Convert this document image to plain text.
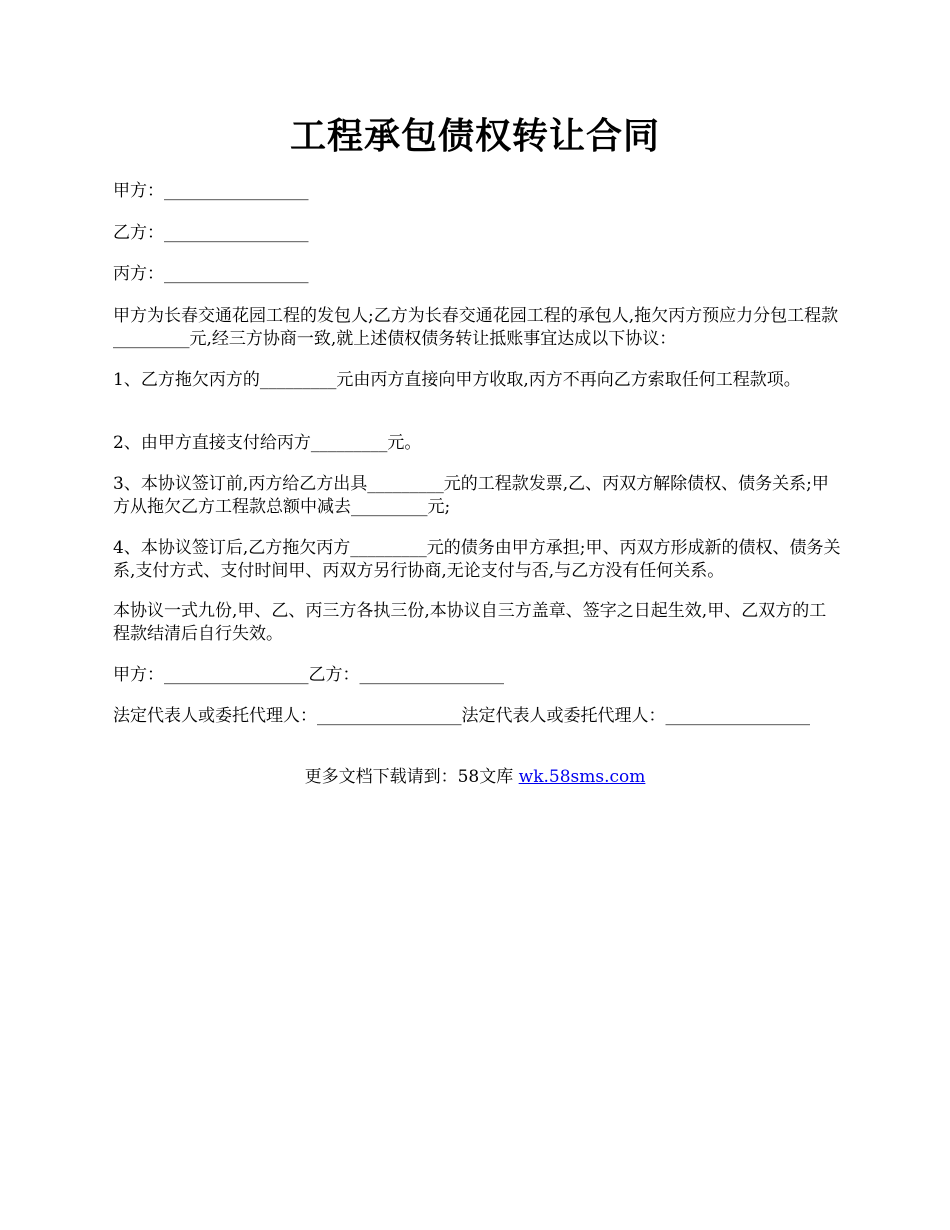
工程承包债权转让合同

甲方：_________________

乙方：_________________

丙方：_________________

甲方为长春交通花园工程的发包人;乙方为长春交通花园工程的承包人,拖欠丙方预应力分包工程款_________元,经三方协商一致,就上述债权债务转让抵账事宜达成以下协议：

1、乙方拖欠丙方的_________元由丙方直接向甲方收取,丙方不再向乙方索取任何工程款项。

2、由甲方直接支付给丙方_________元。

3、本协议签订前,丙方给乙方出具_________元的工程款发票,乙、丙双方解除债权、债务关系;甲方从拖欠乙方工程款总额中减去_________元;

4、本协议签订后,乙方拖欠丙方_________元的债务由甲方承担;甲、丙双方形成新的债权、债务关系,支付方式、支付时间甲、丙双方另行协商,无论支付与否,与乙方没有任何关系。

本协议一式九份,甲、乙、丙三方各执三份,本协议自三方盖章、签字之日起生效,甲、乙双方的工程款结清后自行失效。

甲方：_________________乙方：_________________

法定代表人或委托代理人：_________________法定代表人或委托代理人：_________________

更多文档下载请到：58文库 wk.58sms.com
